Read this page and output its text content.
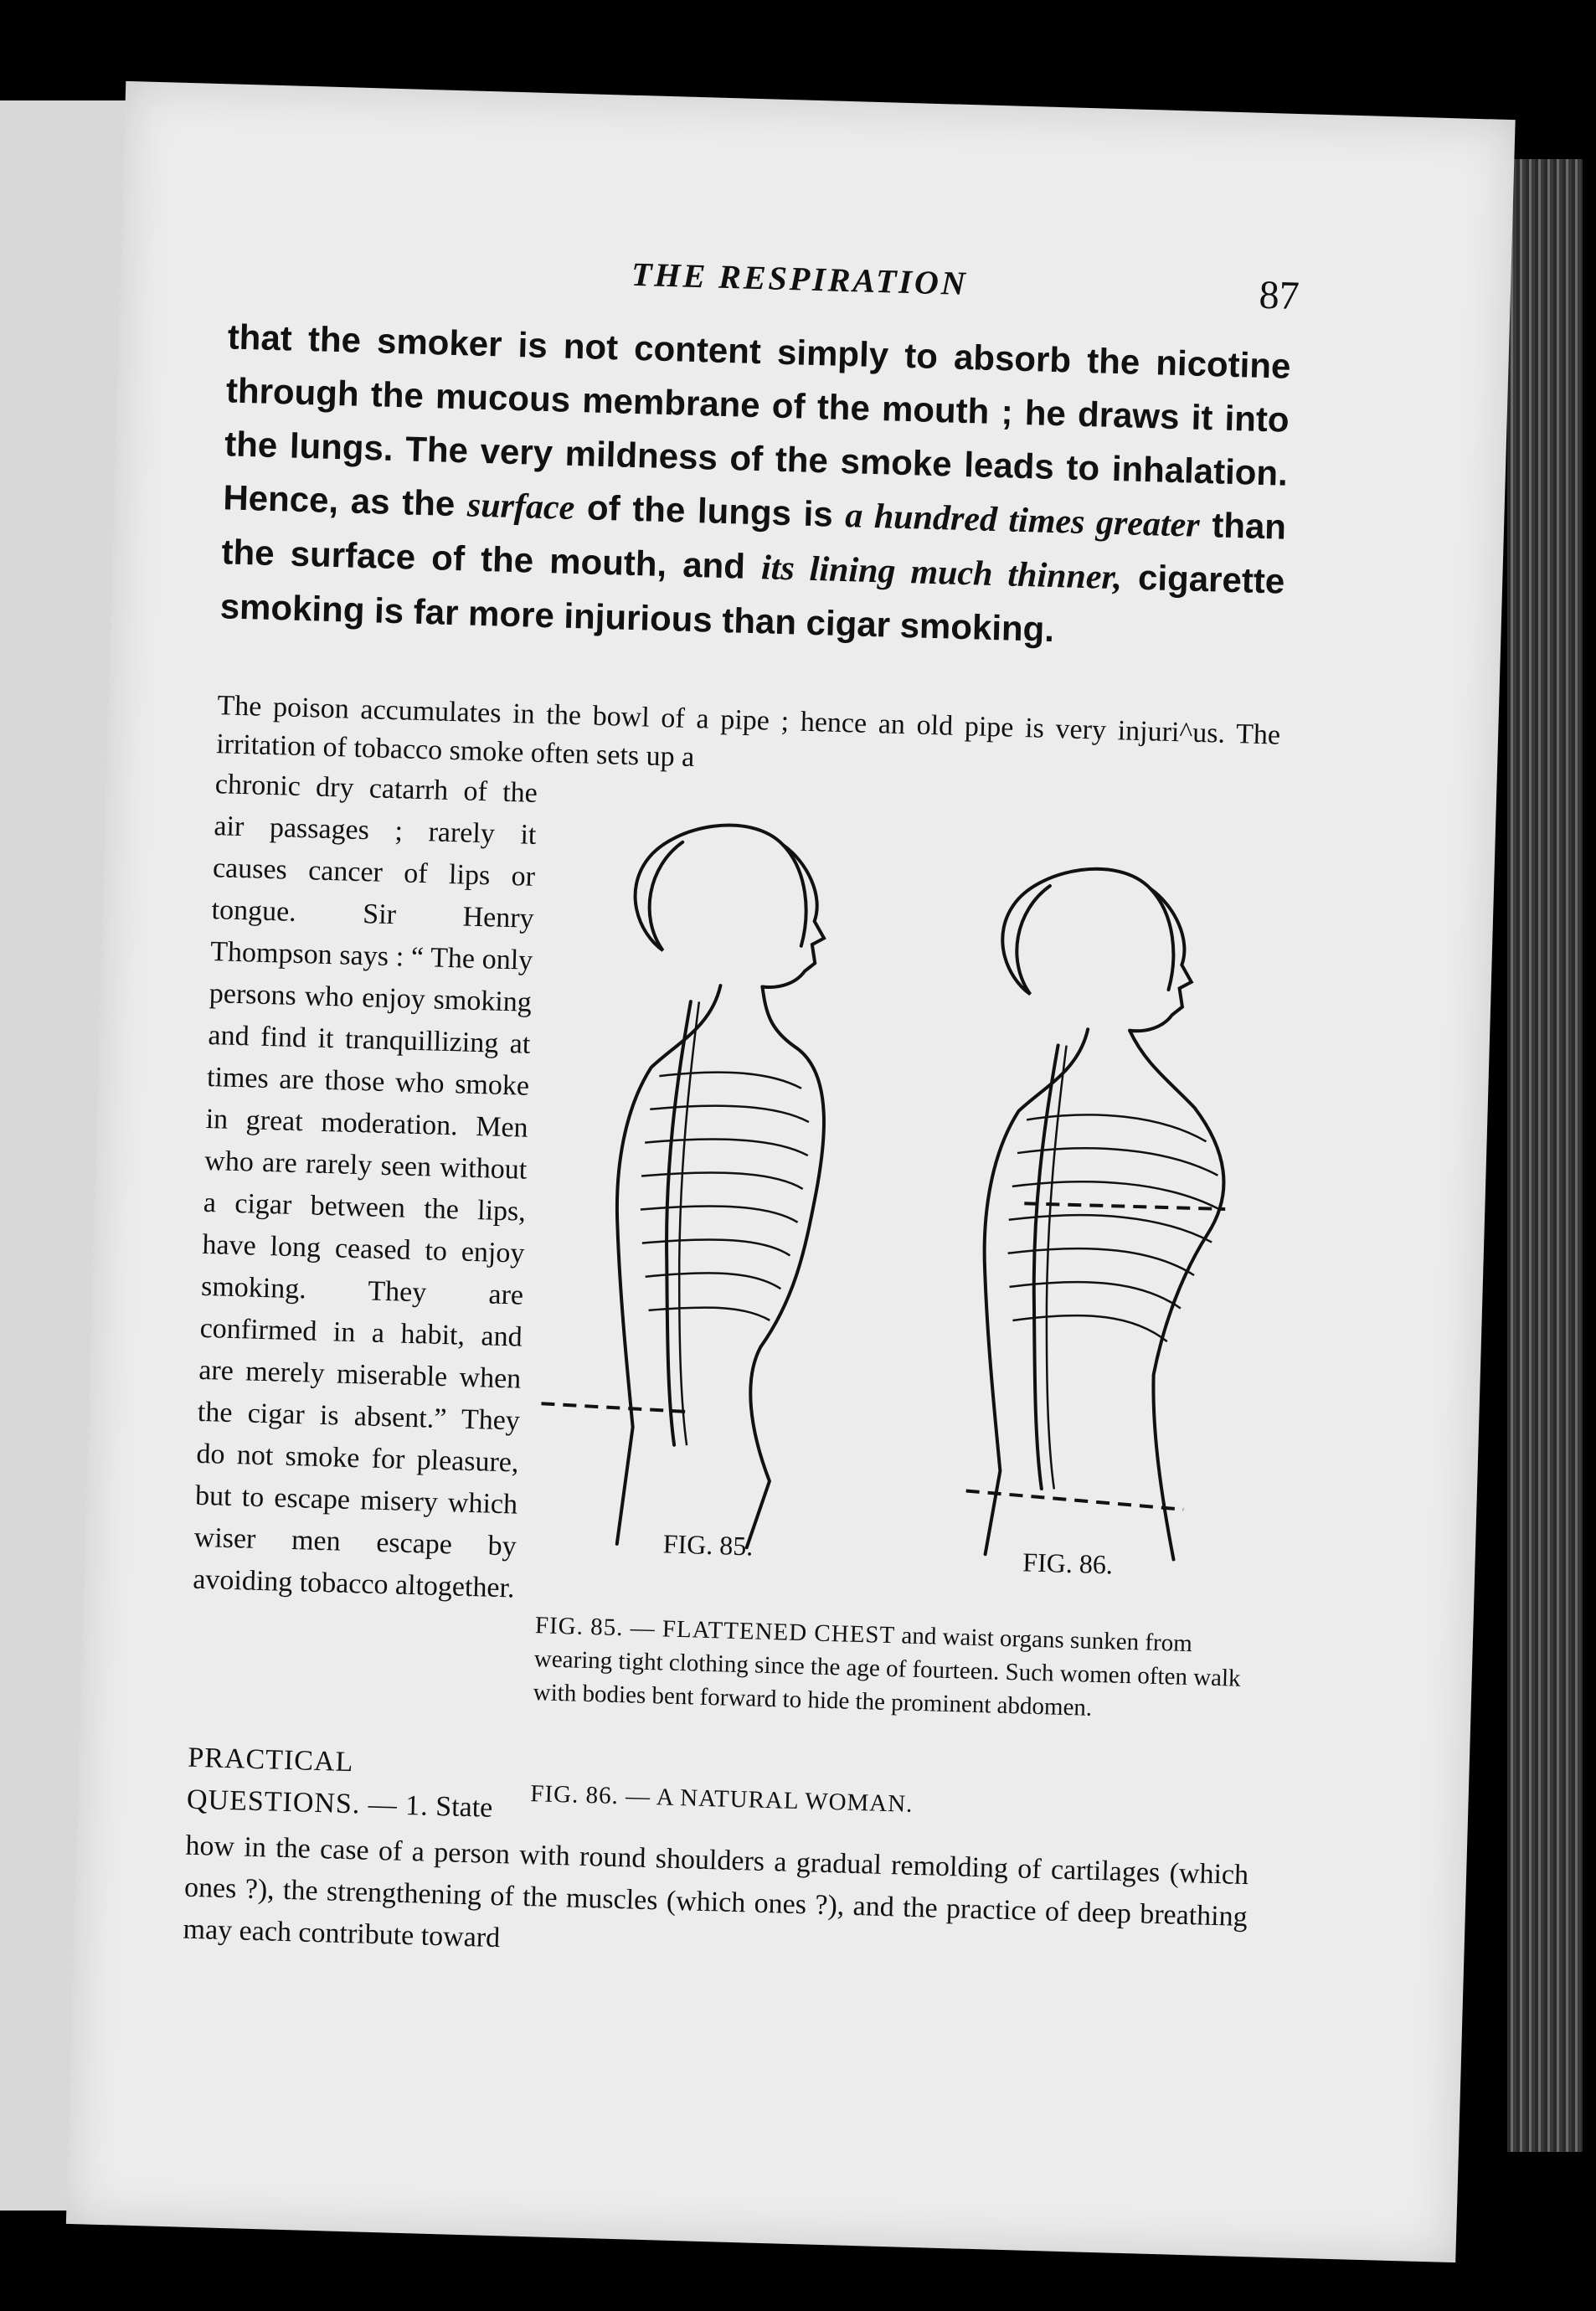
THE RESPIRATION	87
that the smoker is not content simply to absorb the nicotine through the mucous membrane of the mouth ; he draws it into the lungs. The very mildness of the smoke leads to inhalation. Hence, as the surface of the lungs is a hundred times greater than the surface of the mouth, and its lining much thinner, cigarette smoking is far more injurious than cigar smoking.
The poison accumulates in the bowl of a pipe ; hence an old pipe is very injuri^us. The irritation of tobacco smoke often sets up a
chronic dry catarrh of the air passages ; rarely it causes cancer of lips or tongue. Sir Henry Thompson says : “ The only persons who enjoy smoking and find it tranquillizing at times are those who smoke in great moderation. Men who are rarely seen without a cigar between the lips, have long ceased to enjoy smoking. They are confirmed in a habit, and are merely miserable when the cigar is absent.” They do not smoke for pleasure, but to escape misery which wiser men escape by avoiding tobacco altogether.
FIG. 85.
FIG. 86.
FIG. 85. — FLATTENED CHEST and waist organs sunken from wearing tight clothing since the age of fourteen. Such women often walk with bodies bent forward to hide the prominent abdomen.
PRACTICAL QUESTIONS. — 1. State	FIG. 86. — A NATURAL WOMAN.
how in the case of a person with round shoulders a gradual remolding of cartilages (which ones ?), the strengthening of the muscles (which ones ?), and the practice of deep breathing may each contribute toward
